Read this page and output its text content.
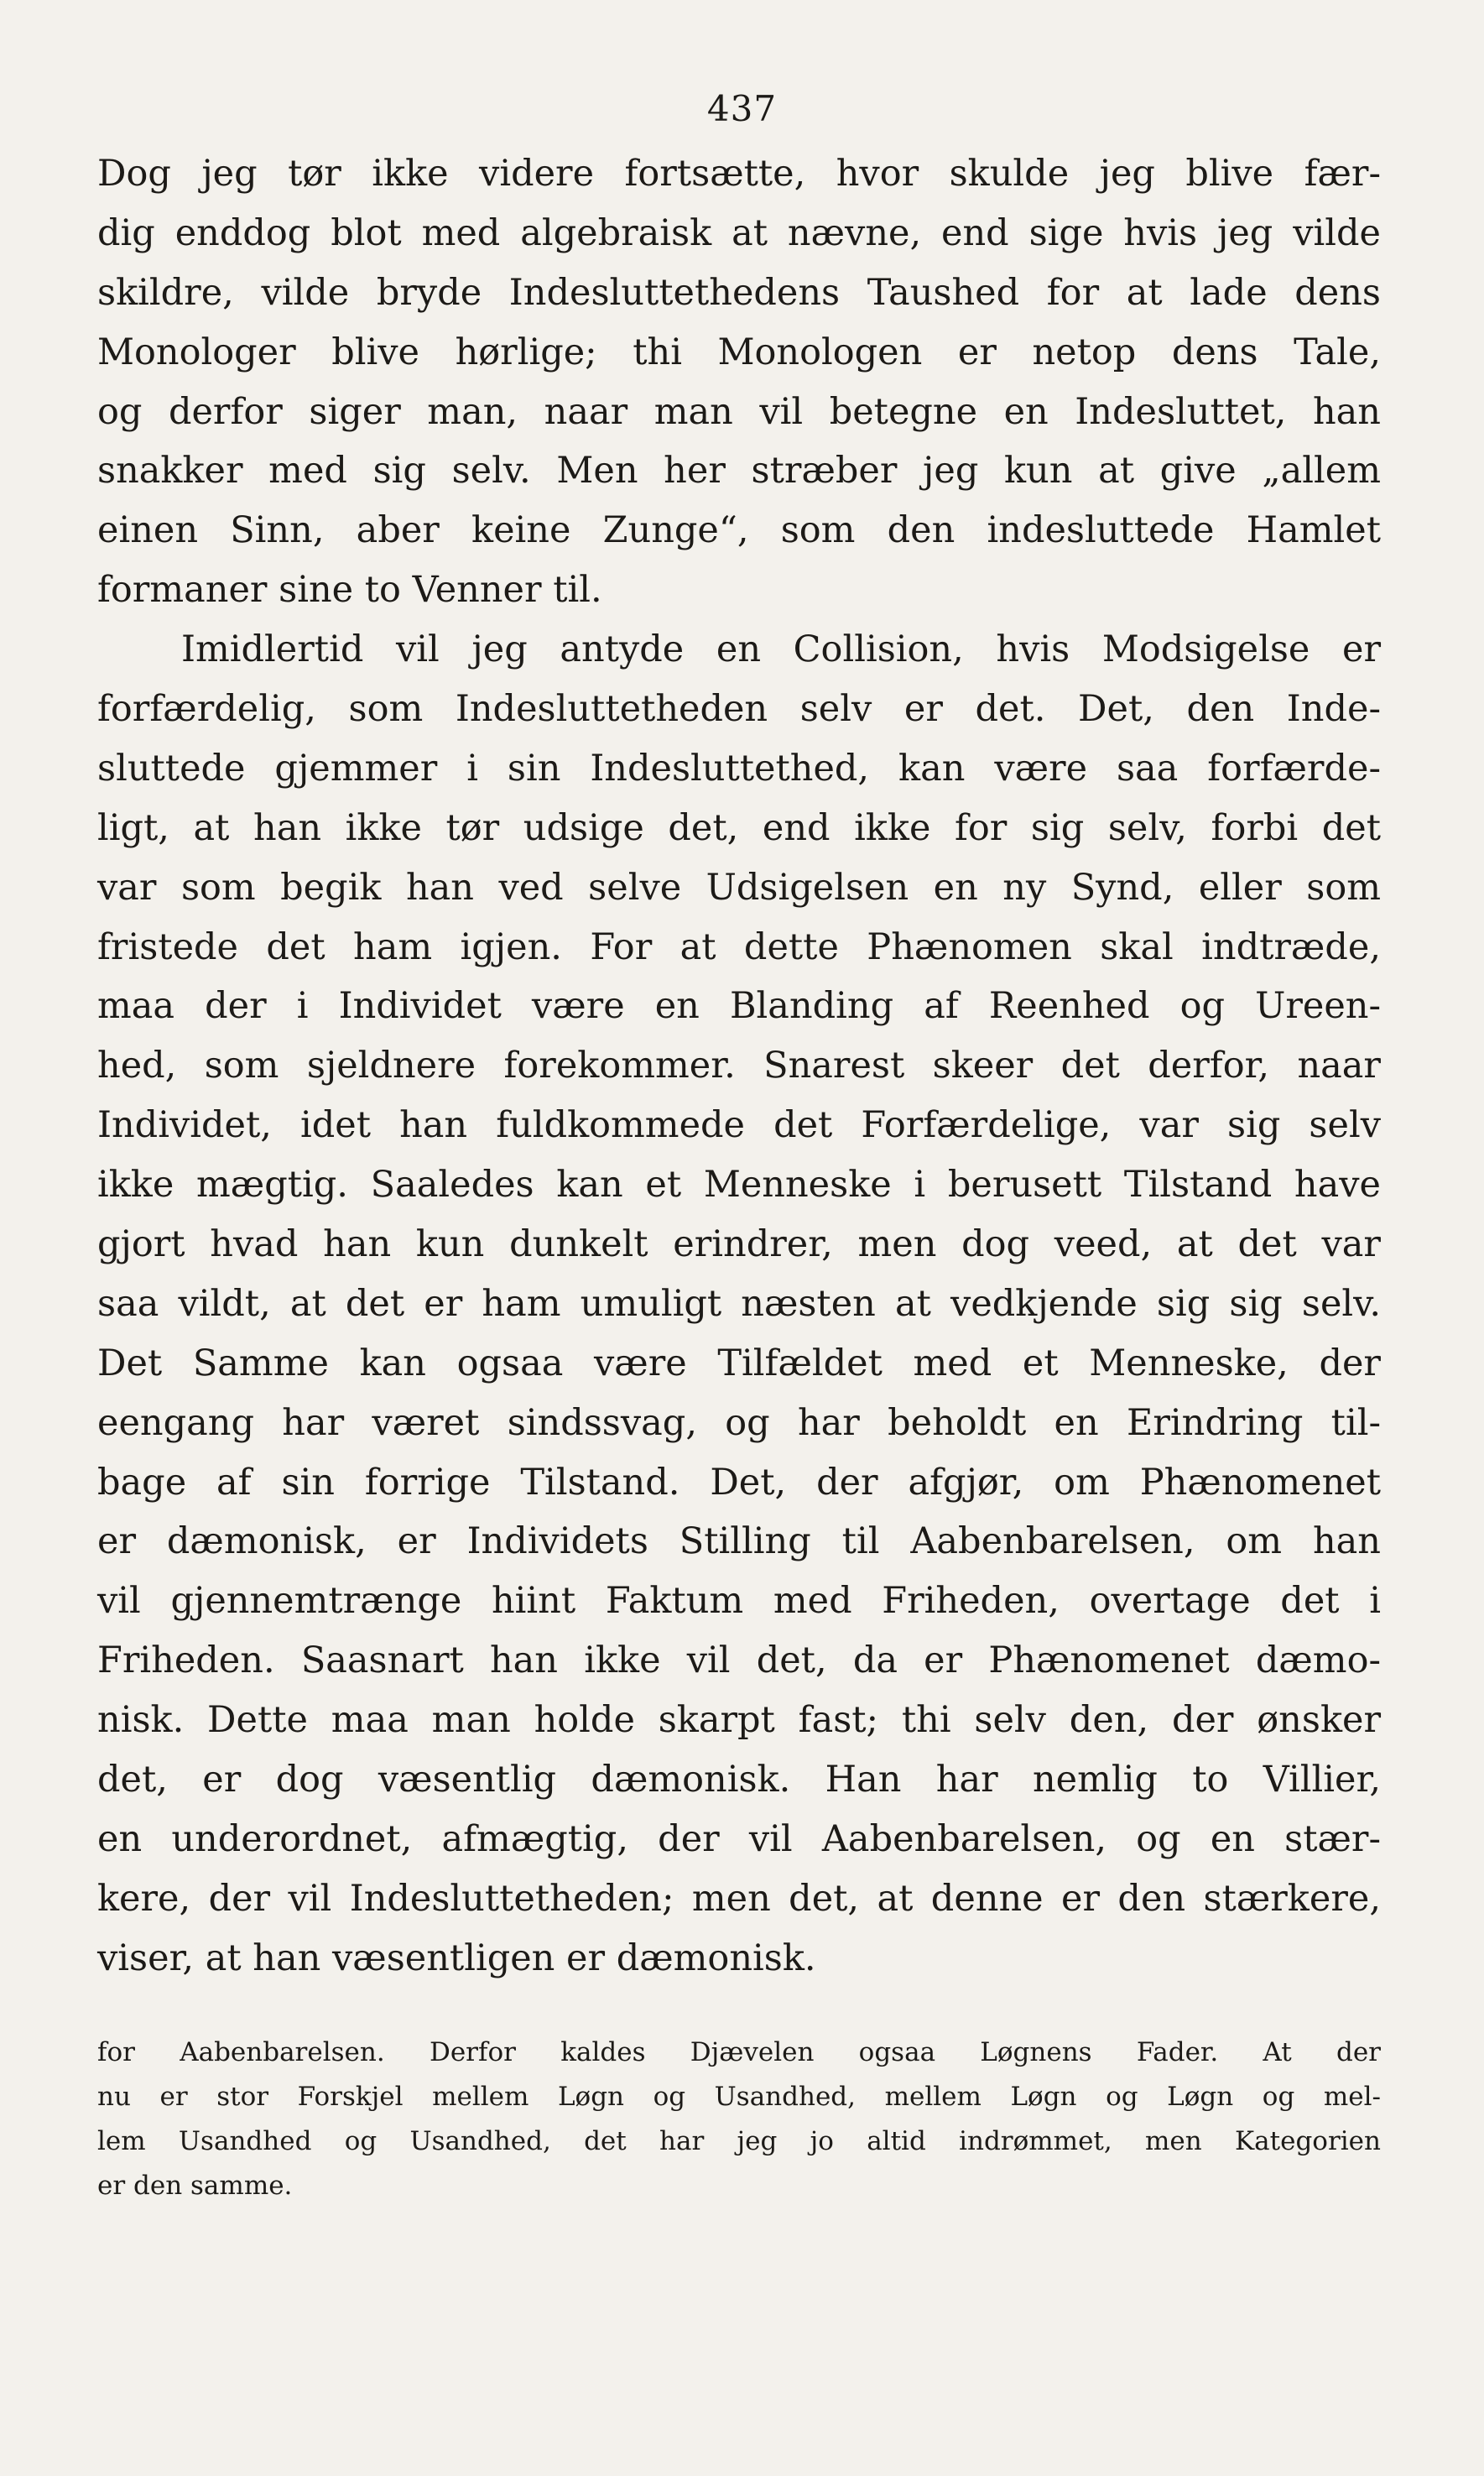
437
Dog jeg tør ikke videre fortsætte, hvor skulde jeg blive fær-
dig enddog blot med algebraisk at nævne, end sige hvis jeg vilde
skildre, vilde bryde Indesluttethedens Taushed for at lade dens
Monologer blive hørlige; thi Monologen er netop dens Tale,
og derfor siger man, naar man vil betegne en Indesluttet, han
snakker med sig selv. Men her stræber jeg kun at give „allem
einen Sinn, aber keine Zunge“, som den indesluttede Hamlet
formaner sine to Venner til.
Imidlertid vil jeg antyde en Collision, hvis Modsigelse er
forfærdelig, som Indesluttetheden selv er det. Det, den Inde-
sluttede gjemmer i sin Indesluttethed, kan være saa forfærde-
ligt, at han ikke tør udsige det, end ikke for sig selv, forbi det
var som begik han ved selve Udsigelsen en ny Synd, eller som
fristede det ham igjen. For at dette Phænomen skal indtræde,
maa der i Individet være en Blanding af Reenhed og Ureen-
hed, som sjeldnere forekommer. Snarest skeer det derfor, naar
Individet, idet han fuldkommede det Forfærdelige, var sig selv
ikke mægtig. Saaledes kan et Menneske i berusett Tilstand have
gjort hvad han kun dunkelt erindrer, men dog veed, at det var
saa vildt, at det er ham umuligt næsten at vedkjende sig sig selv.
Det Samme kan ogsaa være Tilfældet med et Menneske, der
eengang har været sindssvag, og har beholdt en Erindring til-
bage af sin forrige Tilstand. Det, der afgjør, om Phænomenet
er dæmonisk, er Individets Stilling til Aabenbarelsen, om han
vil gjennemtrænge hiint Faktum med Friheden, overtage det i
Friheden. Saasnart han ikke vil det, da er Phænomenet dæmo-
nisk. Dette maa man holde skarpt fast; thi selv den, der ønsker
det, er dog væsentlig dæmonisk. Han har nemlig to Villier,
en underordnet, afmægtig, der vil Aabenbarelsen, og en stær-
kere, der vil Indesluttetheden; men det, at denne er den stærkere,
viser, at han væsentligen er dæmonisk.
for Aabenbarelsen. Derfor kaldes Djævelen ogsaa Løgnens Fader. At der
nu er stor Forskjel mellem Løgn og Usandhed, mellem Løgn og Løgn og mel-
lem Usandhed og Usandhed, det har jeg jo altid indrømmet, men Kategorien
er den samme.
